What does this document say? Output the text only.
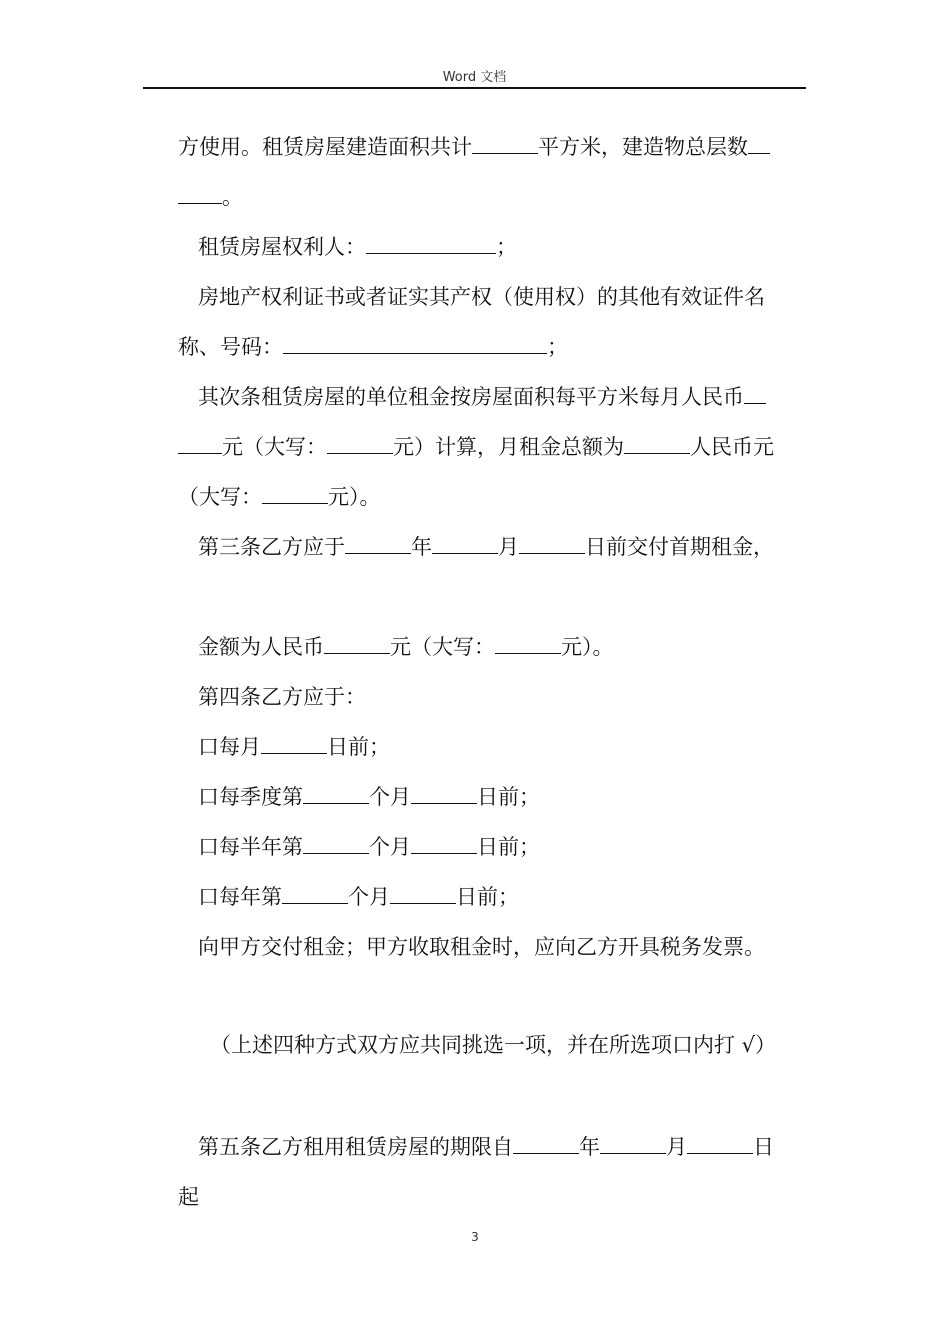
Word 文档
方使用。租赁房屋建造面积共计	平方米，建造物总层数
。
租赁房屋权利人：	；
房地产权利证书或者证实其产权（使用权）的其他有效证件名
称、号码：	；
其次条租赁房屋的单位租金按房屋面积每平方米每月人民币
元（大写：	元）计算，月租金总额为	人民币元
（大写：	元）。
第三条乙方应于	年	月	日前交付首期租金，
金额为人民币	元（大写：	元）。
第四条乙方应于：
口每月	日前；
口每季度第	个月	日前；
口每半年第	个月	日前；
口每年第	个月	日前；
向甲方交付租金；甲方收取租金时，应向乙方开具税务发票。
（上述四种方式双方应共同挑选一项，并在所选项口内打 √）
第五条乙方租用租赁房屋的期限自	年	月	日
起
3
